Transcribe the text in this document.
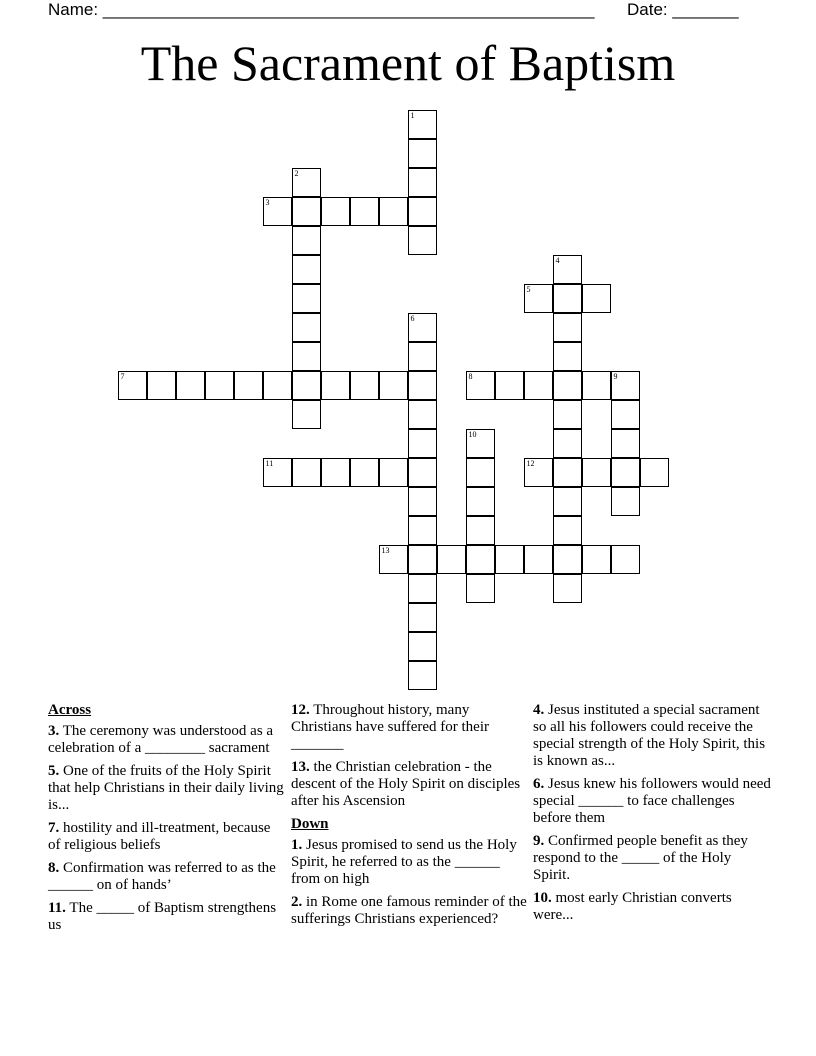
Name: ____________________________________________________ Date: _______
The Sacrament of Baptism
1
2
3
4
5
6
7	8	9
10
11	12
13
Across
3. The ceremony was understood as a celebration of a ________ sacrament
5. One of the fruits of the Holy Spirit that help Christians in their daily living is...
7. hostility and ill-treatment, because of religious beliefs
8. Confirmation was referred to as the ______ on of hands’
11. The _____ of Baptism strengthens us
12. Throughout history, many Christians have suffered for their _______
13. the Christian celebration - the descent of the Holy Spirit on disciples after his Ascension
Down
1. Jesus promised to send us the Holy Spirit, he referred to as the ______ from on high
2. in Rome one famous reminder of the sufferings Christians experienced?
4. Jesus instituted a special sacrament so all his followers could receive the special strength of the Holy Spirit, this is known as...
6. Jesus knew his followers would need special ______ to face challenges before them
9. Confirmed people benefit as they respond to the _____ of the Holy Spirit.
10. most early Christian converts were...
